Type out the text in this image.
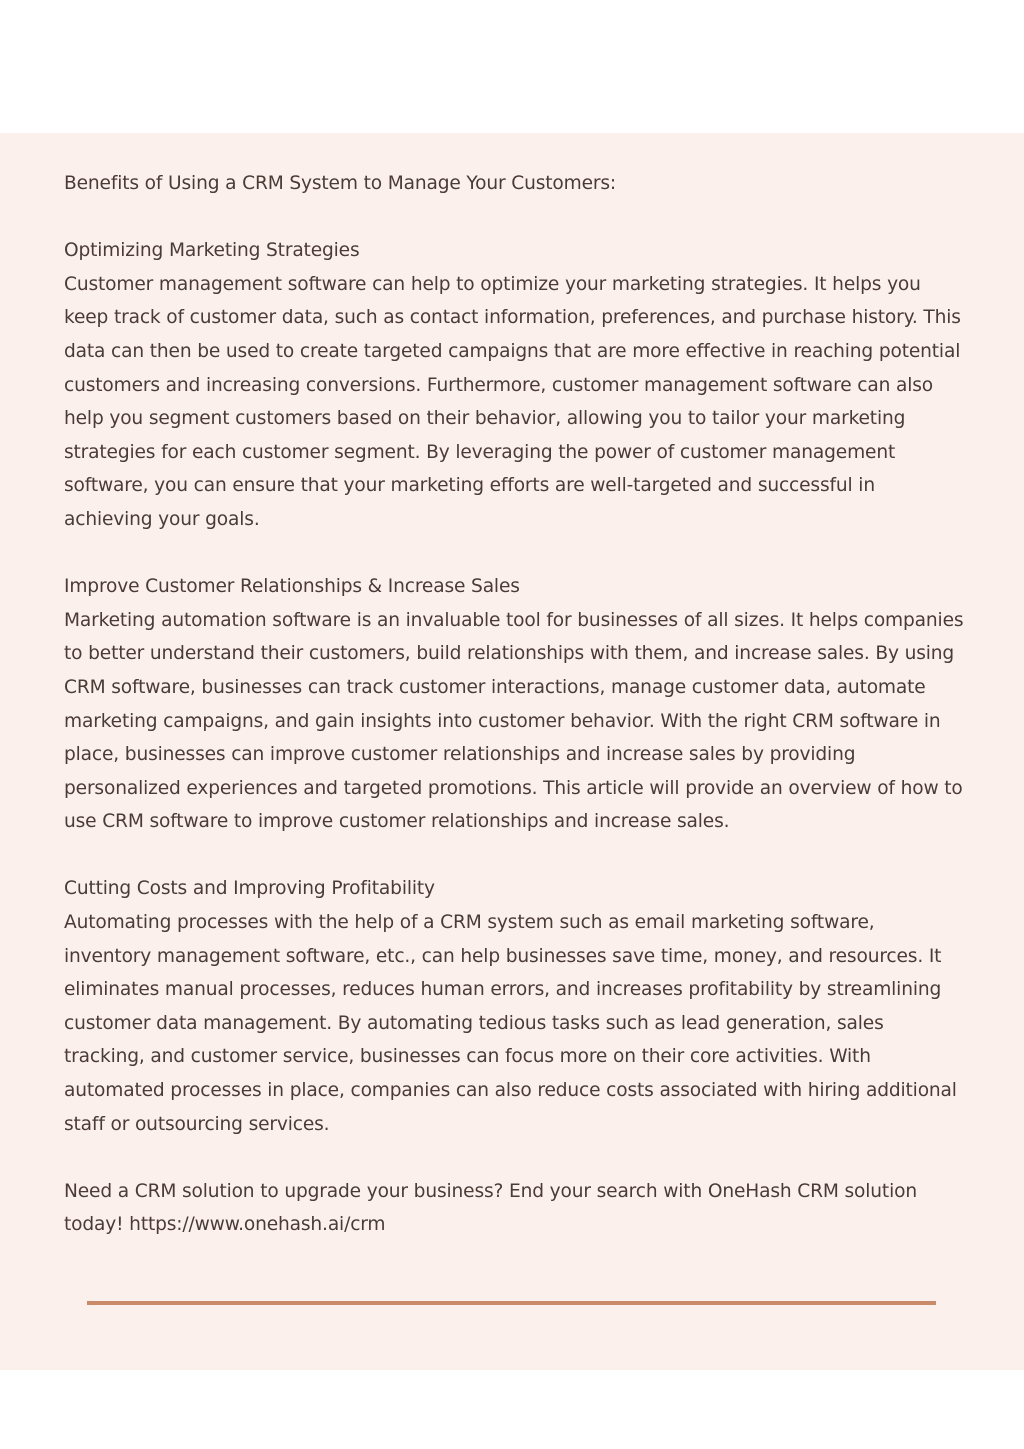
Benefits of Using a CRM System to Manage Your Customers:

Optimizing Marketing Strategies
Customer management software can help to optimize your marketing strategies. It helps you keep track of customer data, such as contact information, preferences, and purchase history. This data can then be used to create targeted campaigns that are more effective in reaching potential customers and increasing conversions. Furthermore, customer management software can also help you segment customers based on their behavior, allowing you to tailor your marketing strategies for each customer segment. By leveraging the power of customer management software, you can ensure that your marketing efforts are well-targeted and successful in achieving your goals.

Improve Customer Relationships & Increase Sales
Marketing automation software is an invaluable tool for businesses of all sizes. It helps companies to better understand their customers, build relationships with them, and increase sales. By using CRM software, businesses can track customer interactions, manage customer data, automate marketing campaigns, and gain insights into customer behavior. With the right CRM software in place, businesses can improve customer relationships and increase sales by providing personalized experiences and targeted promotions. This article will provide an overview of how to use CRM software to improve customer relationships and increase sales.

Cutting Costs and Improving Profitability
Automating processes with the help of a CRM system such as email marketing software, inventory management software, etc., can help businesses save time, money, and resources. It eliminates manual processes, reduces human errors, and increases profitability by streamlining customer data management. By automating tedious tasks such as lead generation, sales tracking, and customer service, businesses can focus more on their core activities. With automated processes in place, companies can also reduce costs associated with hiring additional staff or outsourcing services.

Need a CRM solution to upgrade your business? End your search with OneHash CRM solution today! https://www.onehash.ai/crm
